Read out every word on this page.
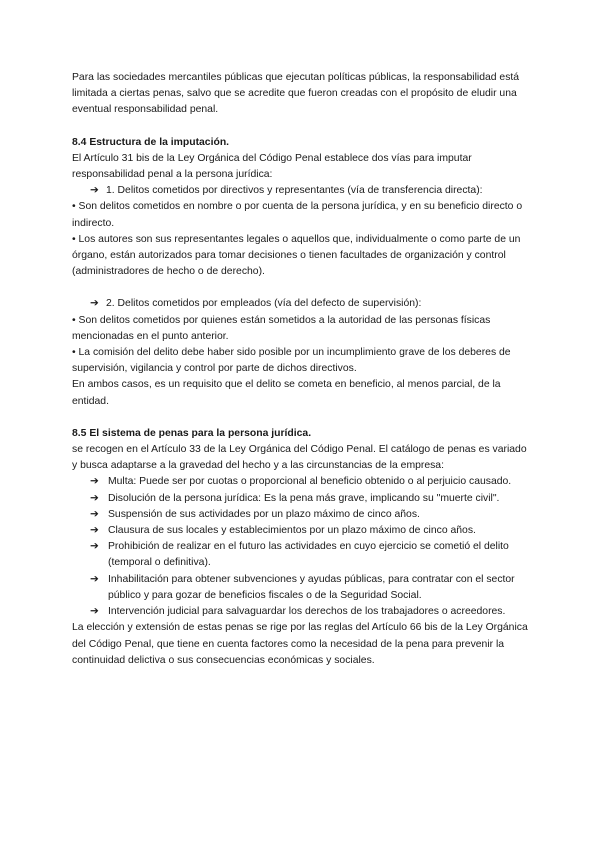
Para las sociedades mercantiles públicas que ejecutan políticas públicas, la responsabilidad está limitada a ciertas penas, salvo que se acredite que fueron creadas con el propósito de eludir una eventual responsabilidad penal.

8.4 Estructura de la imputación.

El Artículo 31 bis de la Ley Orgánica del Código Penal establece dos vías para imputar responsabilidad penal a la persona jurídica:

➔ 1. Delitos cometidos por directivos y representantes (vía de transferencia directa):

• Son delitos cometidos en nombre o por cuenta de la persona jurídica, y en su beneficio directo o indirecto.

• Los autores son sus representantes legales o aquellos que, individualmente o como parte de un órgano, están autorizados para tomar decisiones o tienen facultades de organización y control (administradores de hecho o de derecho).

➔ 2. Delitos cometidos por empleados (vía del defecto de supervisión):

• Son delitos cometidos por quienes están sometidos a la autoridad de las personas físicas mencionadas en el punto anterior.

• La comisión del delito debe haber sido posible por un incumplimiento grave de los deberes de supervisión, vigilancia y control por parte de dichos directivos.

En ambos casos, es un requisito que el delito se cometa en beneficio, al menos parcial, de la entidad.

8.5 El sistema de penas para la persona jurídica.

se recogen en el Artículo 33 de la Ley Orgánica del Código Penal. El catálogo de penas es variado y busca adaptarse a la gravedad del hecho y a las circunstancias de la empresa:

➔ Multa: Puede ser por cuotas o proporcional al beneficio obtenido o al perjuicio causado.
➔ Disolución de la persona jurídica: Es la pena más grave, implicando su "muerte civil".
➔ Suspensión de sus actividades por un plazo máximo de cinco años.
➔ Clausura de sus locales y establecimientos por un plazo máximo de cinco años.
➔ Prohibición de realizar en el futuro las actividades en cuyo ejercicio se cometió el delito (temporal o definitiva).
➔ Inhabilitación para obtener subvenciones y ayudas públicas, para contratar con el sector público y para gozar de beneficios fiscales o de la Seguridad Social.
➔ Intervención judicial para salvaguardar los derechos de los trabajadores o acreedores.

La elección y extensión de estas penas se rige por las reglas del Artículo 66 bis de la Ley Orgánica del Código Penal, que tiene en cuenta factores como la necesidad de la pena para prevenir la continuidad delictiva o sus consecuencias económicas y sociales.
